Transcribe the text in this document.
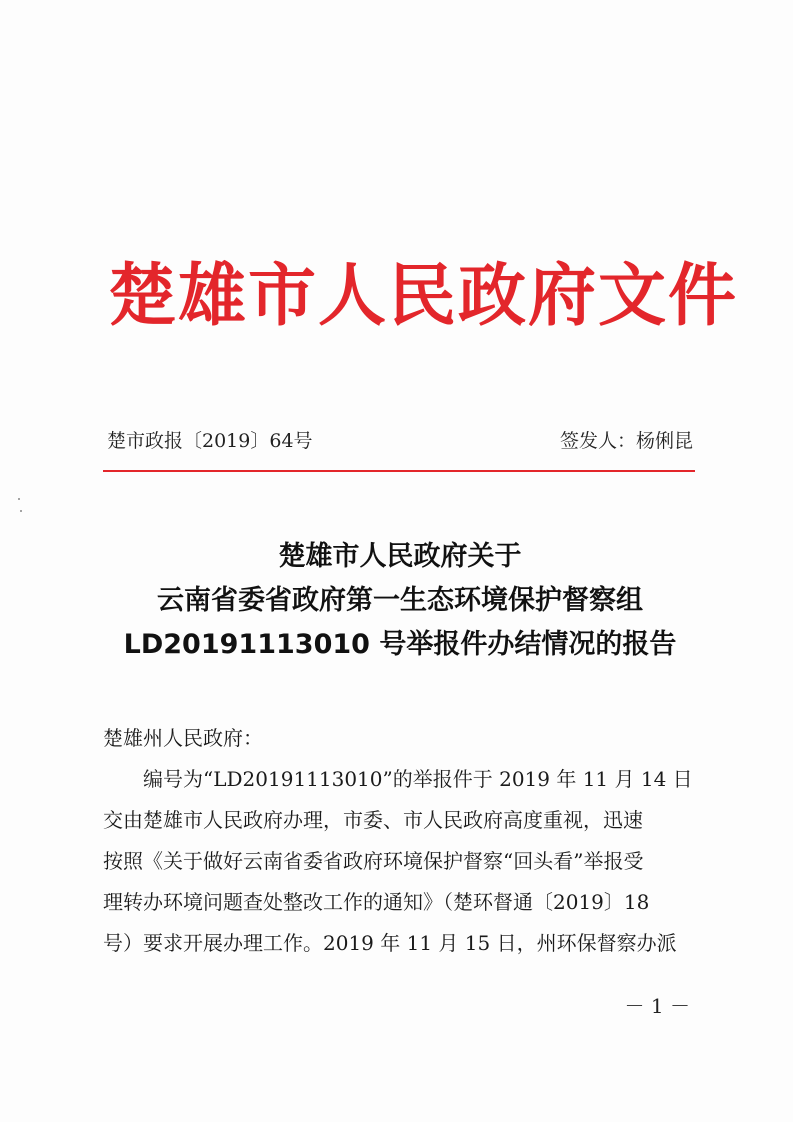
楚雄市人民政府文件
楚市政报〔2019〕64号	签发人：杨俐昆
楚雄市人民政府关于
云南省委省政府第一生态环境保护督察组
LD20191113010 号举报件办结情况的报告
楚雄州人民政府：
编号为“LD20191113010”的举报件于 2019 年 11 月 14 日
交由楚雄市人民政府办理，市委、市人民政府高度重视，迅速
按照《关于做好云南省委省政府环境保护督察“回头看”举报受
理转办环境问题查处整改工作的通知》（楚环督通〔2019〕18
号）要求开展办理工作。2019 年 11 月 15 日，州环保督察办派
－ 1 －
